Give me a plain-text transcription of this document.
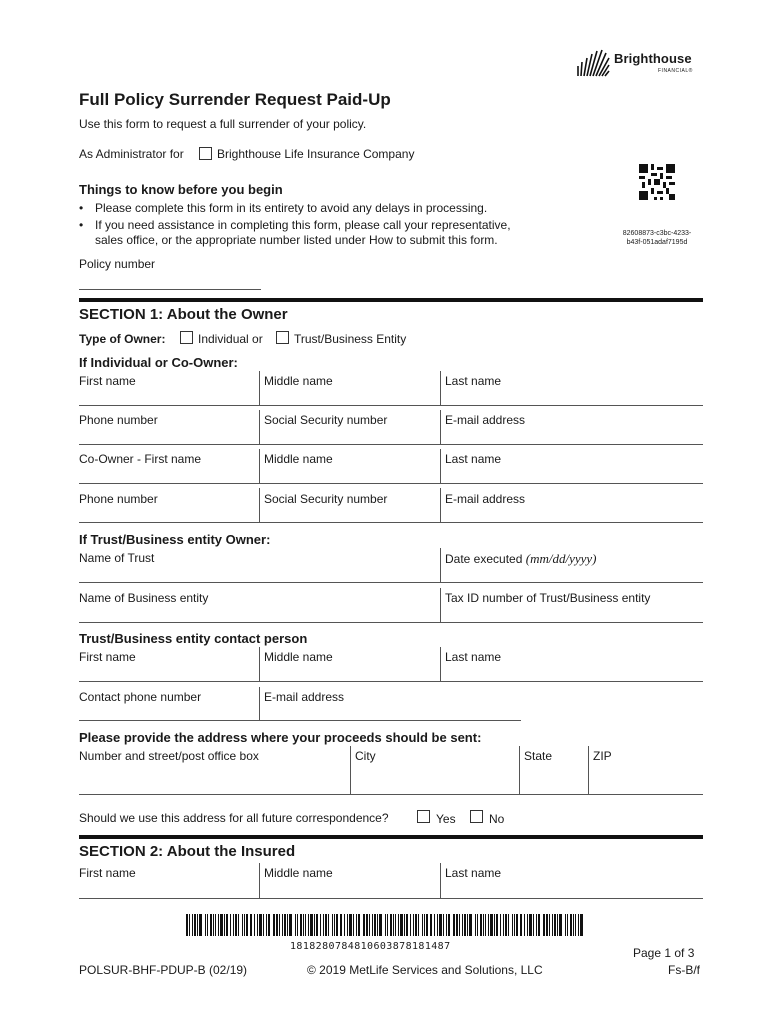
Brighthouse
FINANCIAL®
Full Policy Surrender Request Paid-Up
Use this form to request a full surrender of your policy.
As Administrator for	Brighthouse Life Insurance Company
82608873-c3bc-4233-
b43f-051adaf7195d
Things to know before you begin
• Please complete this form in its entirety to avoid any delays in processing.
• If you need assistance in completing this form, please call your representative,
sales office, or the appropriate number listed under How to submit this form.
Policy number
SECTION 1: About the Owner
Type of Owner:	Individual or	Trust/Business Entity
If Individual or Co-Owner:
First name	Middle name	Last name
Phone number	Social Security number	E-mail address
Co-Owner - First name	Middle name	Last name
Phone number	Social Security number	E-mail address
If Trust/Business entity Owner:
Name of Trust	Date executed (mm/dd/yyyy)
Name of Business entity	Tax ID number of Trust/Business entity
Trust/Business entity contact person
First name	Middle name	Last name
Contact phone number	E-mail address
Please provide the address where your proceeds should be sent:
Number and street/post office box	City	State	ZIP
Should we use this address for all future correspondence?	Yes	No
SECTION 2: About the Insured
First name	Middle name	Last name
1818280784810603878181487
POLSUR-BHF-PDUP-B (02/19)	© 2019 MetLife Services and Solutions, LLC
Page 1 of 3
Fs-B/f
